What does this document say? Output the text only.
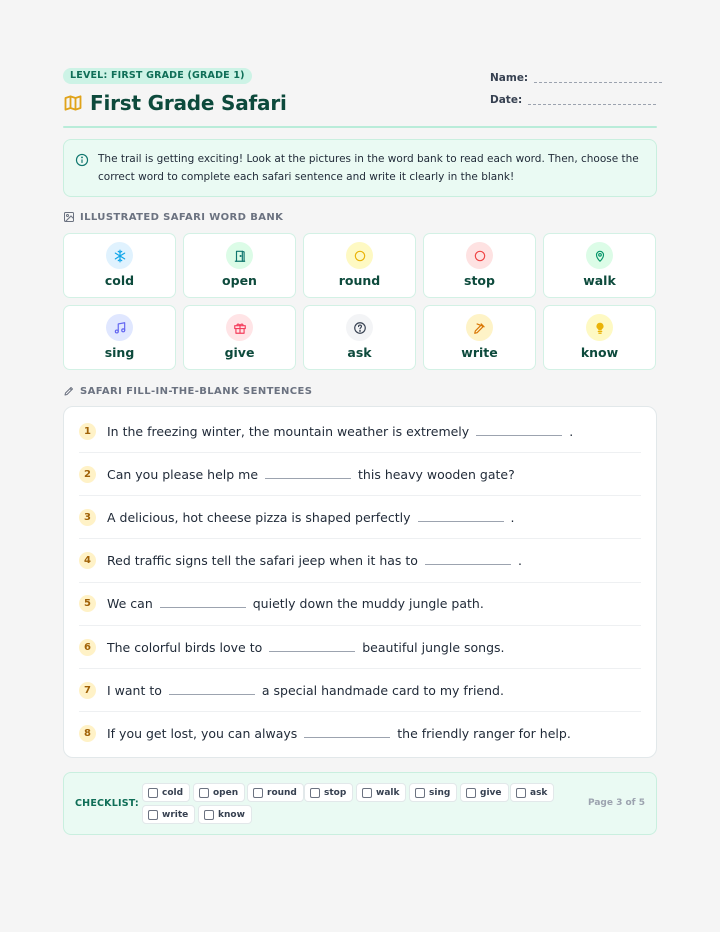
LEVEL: FIRST GRADE (GRADE 1)
First Grade Safari
Name:
Date:
The trail is getting exciting! Look at the pictures in the word bank to read each word. Then, choose the correct word to complete each safari sentence and write it clearly in the blank!
ILLUSTRATED SAFARI WORD BANK
cold	open	round	stop	walk
sing	give	ask	write	know
SAFARI FILL-IN-THE-BLANK SENTENCES
1	In the freezing winter, the mountain weather is extremely	.
2	Can you please help me	this heavy wooden gate?
3	A delicious, hot cheese pizza is shaped perfectly	.
4	Red traffic signs tell the safari jeep when it has to	.
5	We can	quietly down the muddy jungle path.
6	The colorful birds love to	beautiful jungle songs.
7	I want to	a special handmade card to my friend.
8	If you get lost, you can always	the friendly ranger for help.
CHECKLIST:	Page 3 of 5
cold	open	round	stop	walk	sing	give	ask
write	know
